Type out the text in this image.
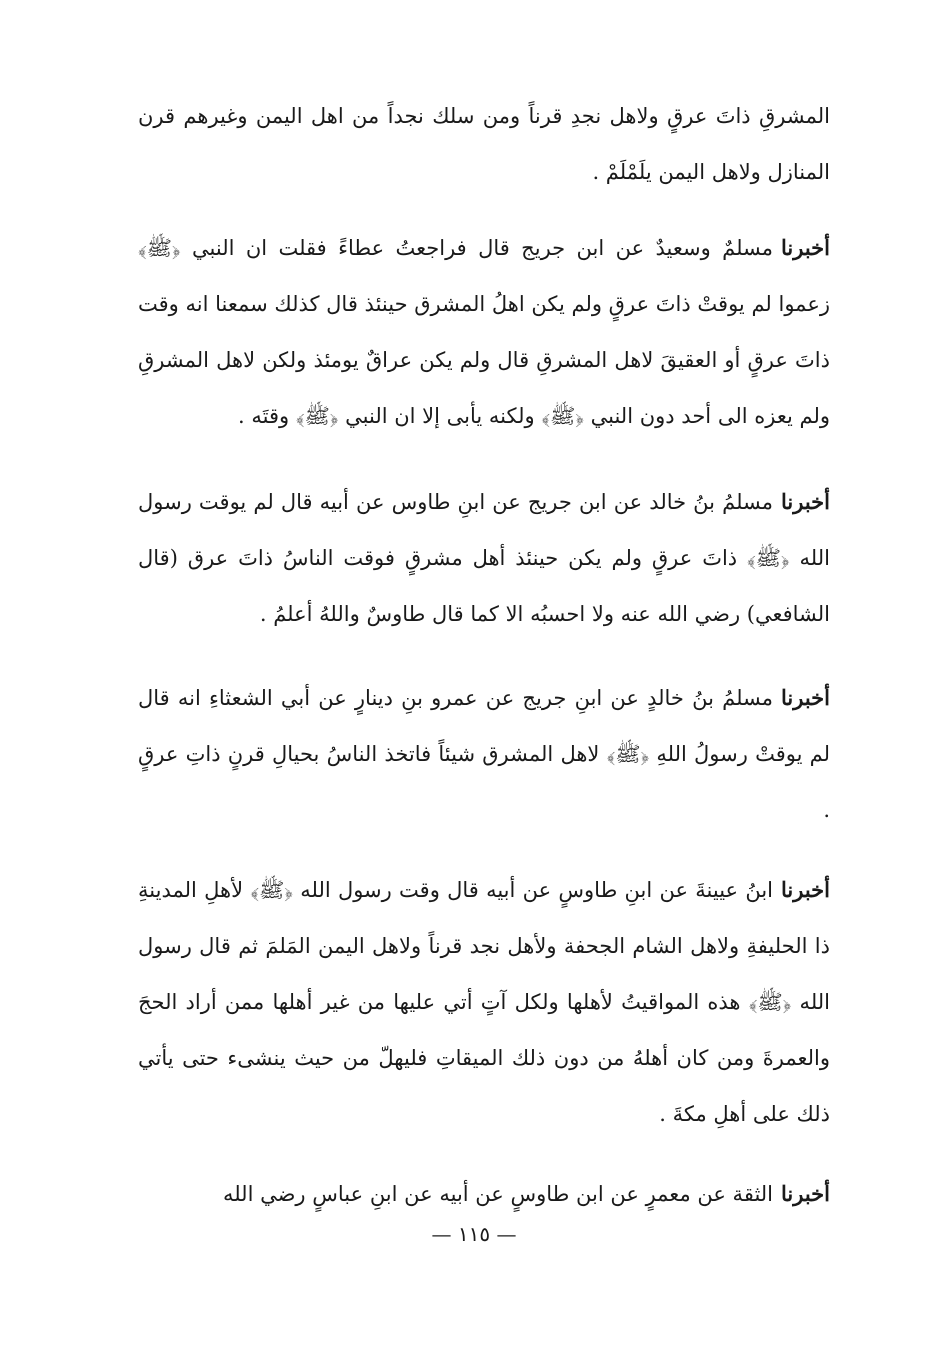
المشرقِ ذاتَ عرقٍ ولاهل نجدِ قرناً ومن سلك نجداً من اهل اليمن وغيرهم قرن المنازل ولاهل اليمن يلَمْلَمْ .

أخبرنامسلمٌ وسعيدٌ عن ابن جريج قال فراجعتُ عطاءً فقلت ان النبي ﴿ﷺ﴾ زعموا لم يوقتْ ذاتَ عرقٍ ولم يكن اهلُ المشرق حينئذ قال كذلك سمعنا انه وقت ذاتَ عرقٍ أو العقيقَ لاهل المشرقِ قال ولم يكن عراقٌ يومئذ ولكن لاهل المشرقِ ولم يعزه الى أحد دون النبي ﴿ﷺ﴾ ولكنه يأبى إلا ان النبي ﴿ﷺ﴾ وقتَه .

أخبرنامسلمُ بنُ خالد عن ابن جريج عن ابنِ طاوس عن أبيه قال لم يوقت رسول الله ﴿ﷺ﴾ ذاتَ عرقٍ ولم يكن حينئذ أهل مشرقٍ فوقت الناسُ ذاتَ عرق (قال الشافعي) رضي الله عنه ولا احسبُه الا كما قال طاوسٌ واللهُ أعلمُ .

أخبرنامسلمُ بنُ خالدٍ عن ابنِ جريج عن عمرو بنِ دينارٍ عن أبي الشعثاءِ انه قال لم يوقتْ رسولُ اللهِ ﴿ﷺ﴾ لاهل المشرق شيئاً فاتخذ الناسُ بحيالِ قرنٍ ذاتِ عرقٍ .

أخبرناابنُ عيينةَ عن ابنِ طاوسٍ عن أبيه قال وقت رسول الله ﴿ﷺ﴾ لأهلِ المدينةِ ذا الحليفةِ ولاهل الشام الجحفة ولأهل نجد قرناً ولاهل اليمن المَلمَ ثم قال رسول الله ﴿ﷺ﴾ هذه المواقيتُ لأهلها ولكل آتٍ أتي عليها من غير أهلها ممن أراد الحجَ والعمرةَ ومن كان أهلهُ من دون ذلك الميقاتِ فليهلّ من حيث ينشىء حتى يأتي ذلك على أهلِ مكةَ .

أخبرناالثقة عن معمرٍ عن ابن طاوسٍ عن أبيه عن ابنِ عباسٍ رضي الله

— ١١٥ —
